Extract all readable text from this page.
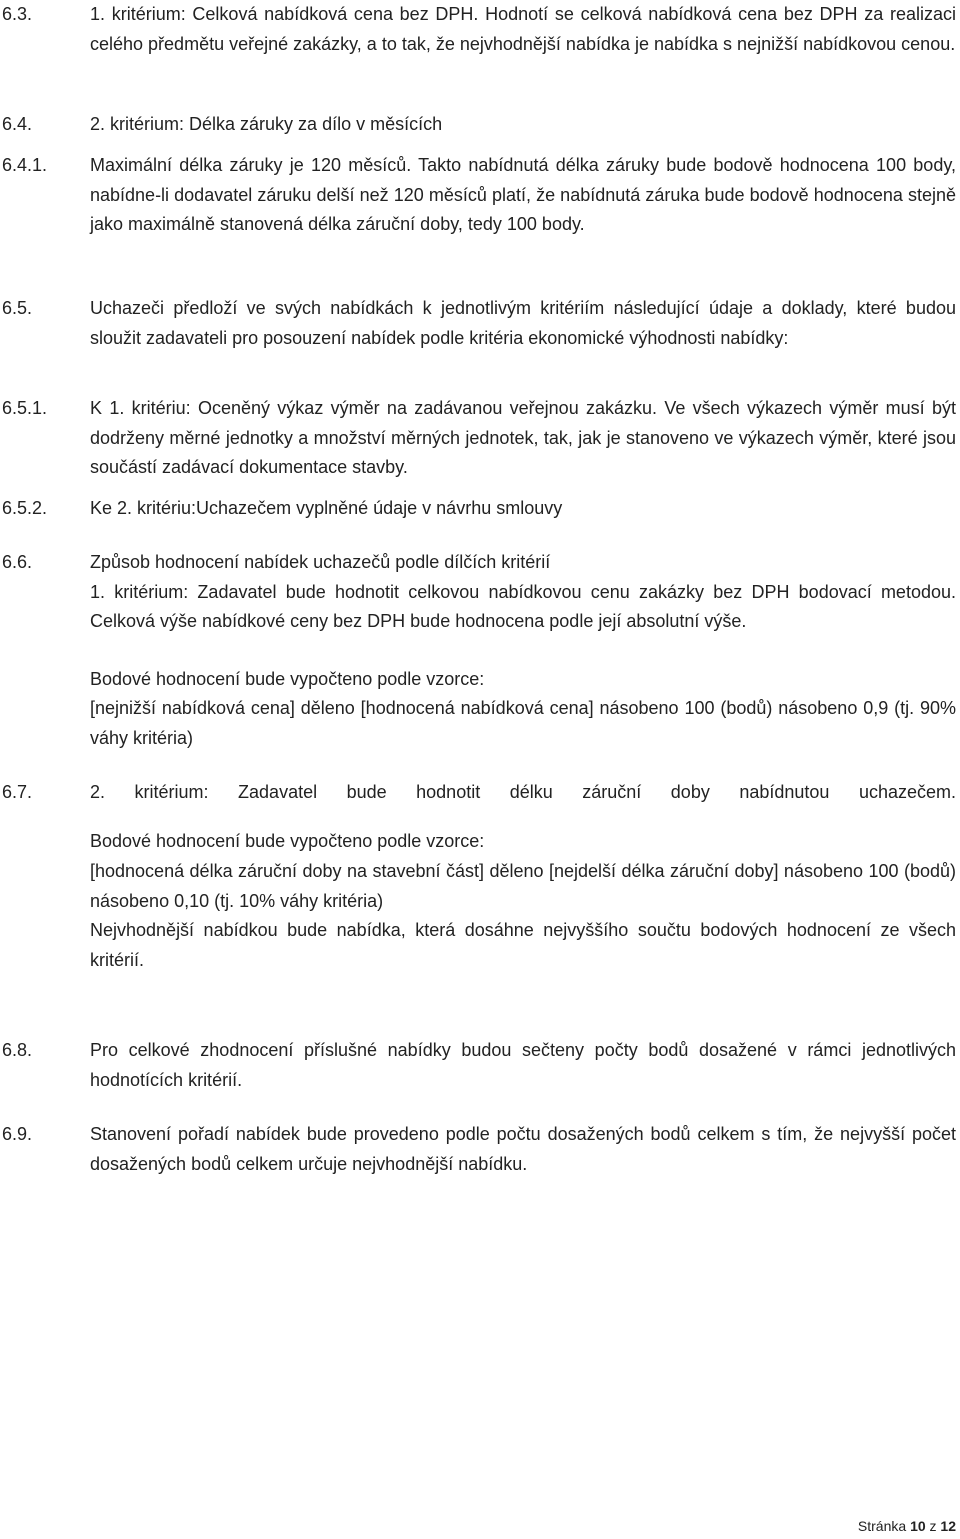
6.3.	1. kritérium: Celková nabídková cena bez DPH. Hodnotí se celková nabídková cena bez DPH za realizaci celého předmětu veřejné zakázky, a to tak, že nejvhodnější nabídka je nabídka s nejnižší nabídkovou cenou.

6.4.	2. kritérium: Délka záruky za dílo v měsících

6.4.1. Maximální délka záruky je 120 měsíců. Takto nabídnutá délka záruky bude bodově hodnocena 100 body, nabídne-li dodavatel záruku delší než 120 měsíců platí, že nabídnutá záruka bude bodově hodnocena stejně jako maximálně stanovená délka záruční doby, tedy 100 body.

6.5.	Uchazeči předloží ve svých nabídkách k jednotlivým kritériím následující údaje a doklady, které budou sloužit zadavateli pro posouzení nabídek podle kritéria ekonomické výhodnosti nabídky:

6.5.1. K 1. kritériu: Oceněný výkaz výměr na zadávanou veřejnou zakázku. Ve všech výkazech výměr musí být dodrženy měrné jednotky a množství měrných jednotek, tak, jak je stanoveno ve výkazech výměr, které jsou součástí zadávací dokumentace stavby.

6.5.2. Ke 2. kritériu:Uchazečem vyplněné údaje v návrhu smlouvy

6.6.	Způsob hodnocení nabídek uchazečů podle dílčích kritérií

1. kritérium: Zadavatel bude hodnotit celkovou nabídkovou cenu zakázky bez DPH bodovací metodou. Celková výše nabídkové ceny bez DPH bude hodnocena podle její absolutní výše.

Bodové hodnocení bude vypočteno podle vzorce:

[nejnižší nabídková cena] děleno [hodnocená nabídková cena] násobeno 100 (bodů) násobeno 0,9 (tj. 90% váhy kritéria)

6.7.	2. kritérium: Zadavatel bude hodnotit délku záruční doby nabídnutou uchazečem.

Bodové hodnocení bude vypočteno podle vzorce:

[hodnocená délka záruční doby na stavební část] děleno [nejdelší délka záruční doby] násobeno 100 (bodů) násobeno 0,10 (tj. 10% váhy kritéria)

Nejvhodnější nabídkou bude nabídka, která dosáhne nejvyššího součtu bodových hodnocení ze všech kritérií.

6.8.	Pro celkové zhodnocení příslušné nabídky budou sečteny počty bodů dosažené v rámci jednotlivých hodnotících kritérií.

6.9.	Stanovení pořadí nabídek bude provedeno podle počtu dosažených bodů celkem s tím, že nejvyšší počet dosažených bodů celkem určuje nejvhodnější nabídku.

Stránka 10 z 12
